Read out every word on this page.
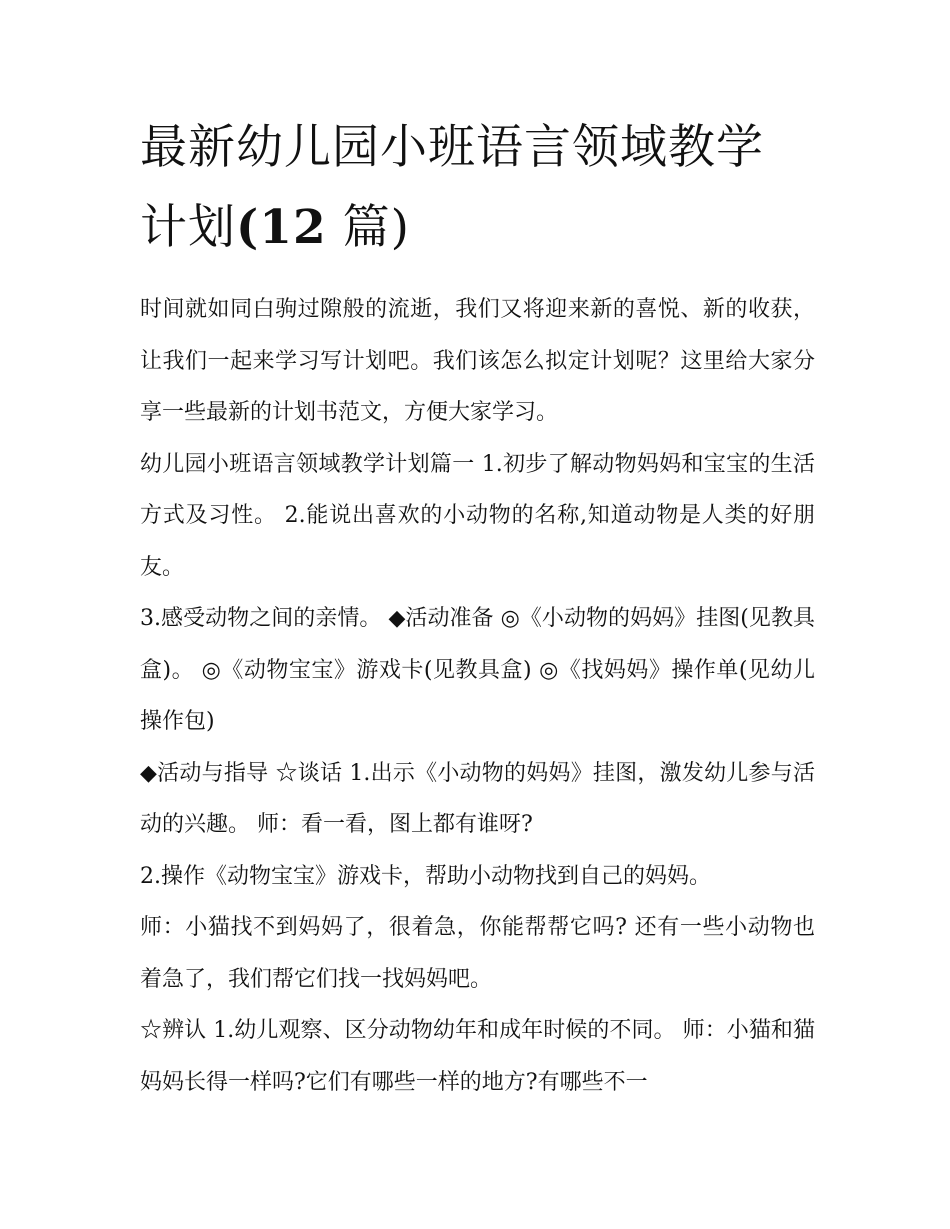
最新幼儿园小班语言领域教学
计划(12 篇)

时间就如同白驹过隙般的流逝，我们又将迎来新的喜悦、新的收获，让我们一起来学习写计划吧。我们该怎么拟定计划呢？这里给大家分享一些最新的计划书范文，方便大家学习。

幼儿园小班语言领域教学计划篇一 1.初步了解动物妈妈和宝宝的生活方式及习性。 2.能说出喜欢的小动物的名称,知道动物是人类的好朋友。

3.感受动物之间的亲情。 ◆活动准备 ◎《小动物的妈妈》挂图(见教具盒)。 ◎《动物宝宝》游戏卡(见教具盒) ◎《找妈妈》操作单(见幼儿操作包)

◆活动与指导 ☆谈话 1.出示《小动物的妈妈》挂图，激发幼儿参与活动的兴趣。 师：看一看，图上都有谁呀?

2.操作《动物宝宝》游戏卡，帮助小动物找到自己的妈妈。

师：小猫找不到妈妈了，很着急，你能帮帮它吗? 还有一些小动物也着急了，我们帮它们找一找妈妈吧。

☆辨认 1.幼儿观察、区分动物幼年和成年时候的不同。 师：小猫和猫妈妈长得一样吗?它们有哪些一样的地方?有哪些不一
